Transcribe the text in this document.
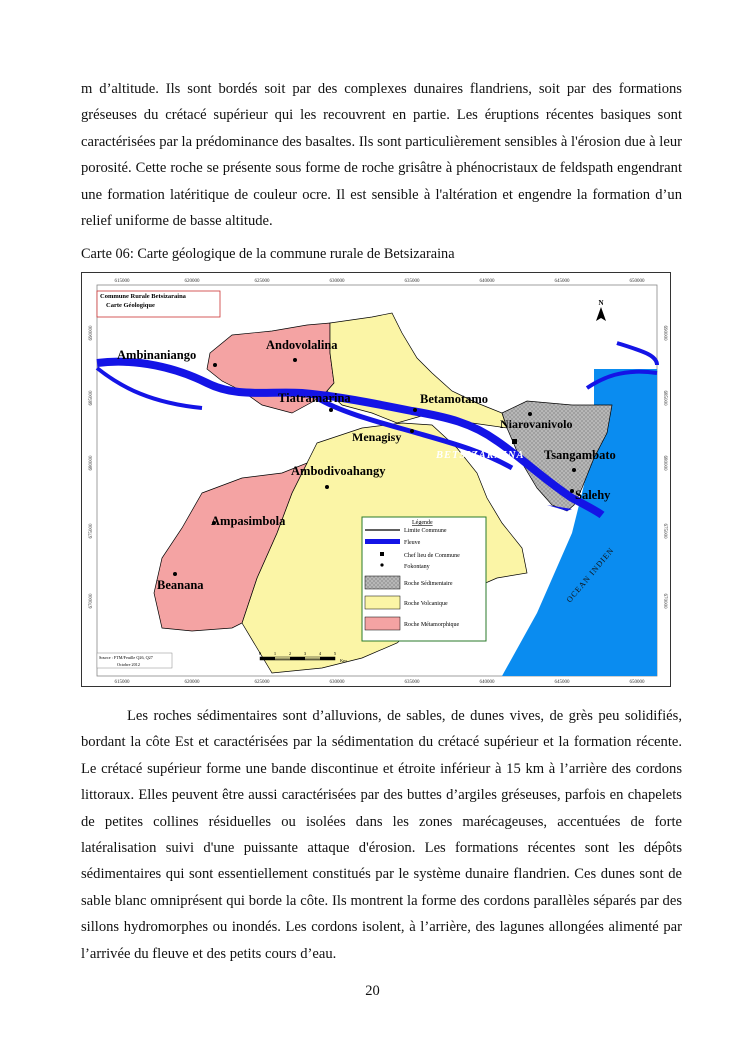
m d’altitude. Ils sont bordés soit par des complexes dunaires flandriens, soit par des formations gréseuses du crétacé supérieur qui les recouvrent en partie. Les éruptions récentes basiques sont caractérisées par la prédominance des basaltes. Ils sont particulièrement sensibles à l'érosion due à leur porosité. Cette roche se présente sous forme de roche grisâtre à phénocristaux de feldspath engendrant une formation latéritique de couleur ocre. Il est sensible à l'altération et engendre la formation d’un relief uniforme de basse altitude.

Carte 06: Carte géologique de la commune rurale de Betsizaraina

615000	620000	625000	630000	635000	640000	645000	650000
615000	620000	625000	630000	635000	640000	645000	650000
690000
685000
680000
675000
670000
690000
685000
680000
675000
670000
Commune Rurale Betsizaraina
Carte Géologique	N
Ambinaniango
Andovolalina
Tiatramarina	Betamotamo
Menagisy
Niarovanivolo
Tsangambato
Salehy
Ambodivoahangy
Ampasimbola
Beanana
BETSIZARAINA
OCEAN INDIEN
Légende
Limite Commune
Fleuve
Chef lieu de Commune
Fokontany
Roche Sédimentaire
Roche Volcanique
Roche Métamorphique
Source : FTM/Feuille Q26, Q27
Octobre 2012
0	1	2	3	4	5
Km

Les roches sédimentaires sont d’alluvions, de sables, de dunes vives, de grès peu solidifiés, bordant la côte Est et caractérisées par la sédimentation du crétacé supérieur et la formation récente. Le crétacé supérieur forme une bande discontinue et étroite inférieur à 15 km à l’arrière des cordons littoraux. Elles peuvent être aussi caractérisées par des buttes d’argiles gréseuses, parfois en chapelets de petites collines résiduelles ou isolées dans les zones marécageuses, accentuées de forte latéralisation suivi d'une puissante attaque d'érosion. Les formations récentes sont les dépôts sédimentaires qui sont essentiellement constitués par le système dunaire flandrien. Ces dunes sont de sable blanc omniprésent qui borde la côte. Ils montrent la forme des cordons parallèles séparés par des sillons hydromorphes ou inondés. Les cordons isolent, à l’arrière, des lagunes allongées alimenté par l’arrivée du fleuve et des petits cours d’eau.

20
